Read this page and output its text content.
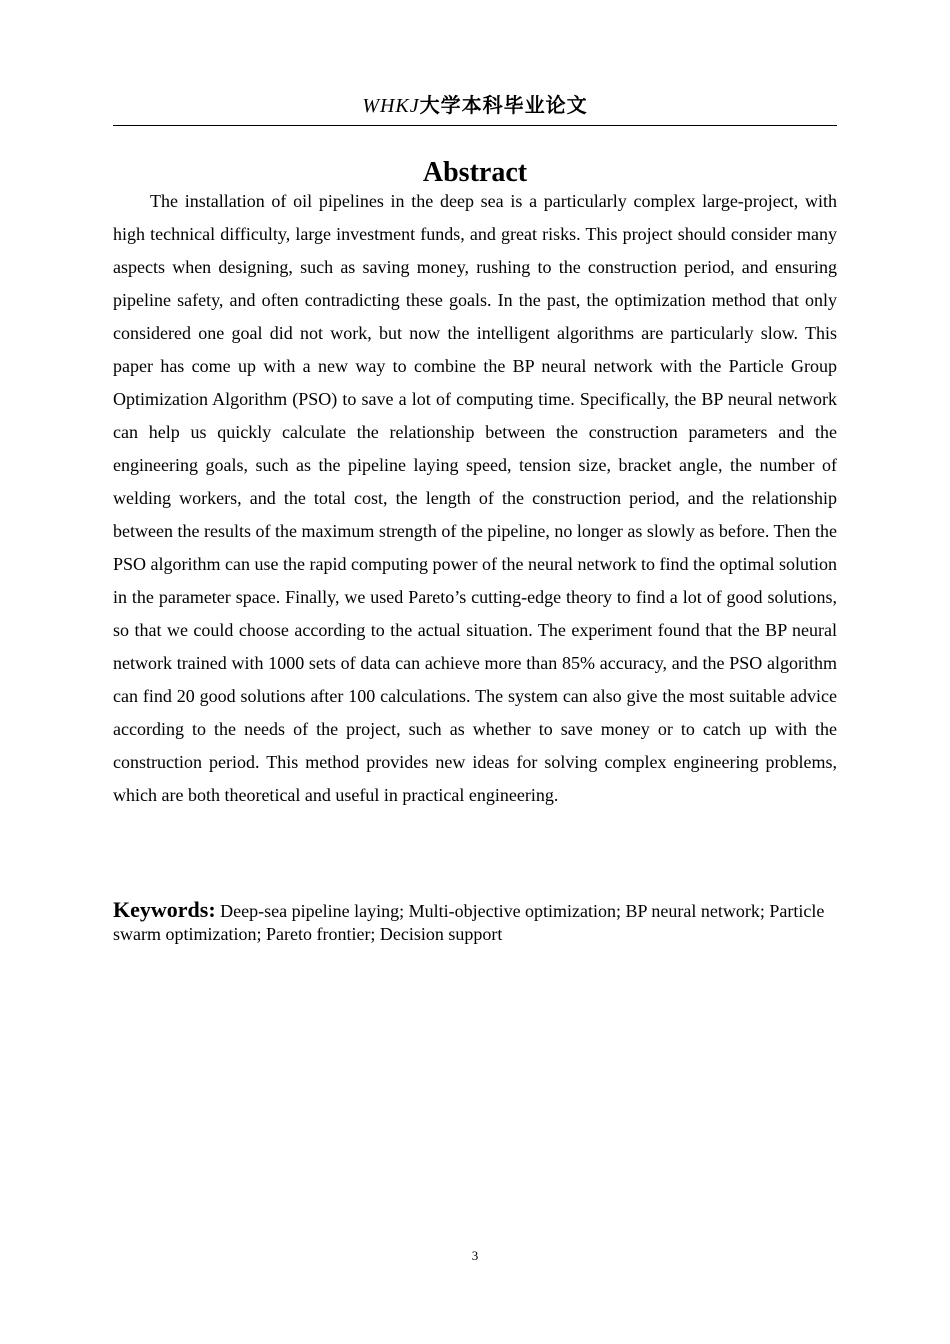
WHKJ大学本科毕业论文
Abstract

The installation of oil pipelines in the deep sea is a particularly complex large-project, with high technical difficulty, large investment funds, and great risks. This project should consider many aspects when designing, such as saving money, rushing to the construction period, and ensuring pipeline safety, and often contradicting these goals. In the past, the optimization method that only considered one goal did not work, but now the intelligent algorithms are particularly slow. This paper has come up with a new way to combine the BP neural network with the Particle Group Optimization Algorithm (PSO) to save a lot of computing time. Specifically, the BP neural network can help us quickly calculate the relationship between the construction parameters and the engineering goals, such as the pipeline laying speed, tension size, bracket angle, the number of welding workers, and the total cost, the length of the construction period, and the relationship between the results of the maximum strength of the pipeline, no longer as slowly as before. Then the PSO algorithm can use the rapid computing power of the neural network to find the optimal solution in the parameter space. Finally, we used Pareto’s cutting-edge theory to find a lot of good solutions, so that we could choose according to the actual situation. The experiment found that the BP neural network trained with 1000 sets of data can achieve more than 85% accuracy, and the PSO algorithm can find 20 good solutions after 100 calculations. The system can also give the most suitable advice according to the needs of the project, such as whether to save money or to catch up with the construction period. This method provides new ideas for solving complex engineering problems, which are both theoretical and useful in practical engineering.

Keywords: Deep-sea pipeline laying; Multi-objective optimization; BP neural network; Particle swarm optimization; Pareto frontier; Decision support

3
